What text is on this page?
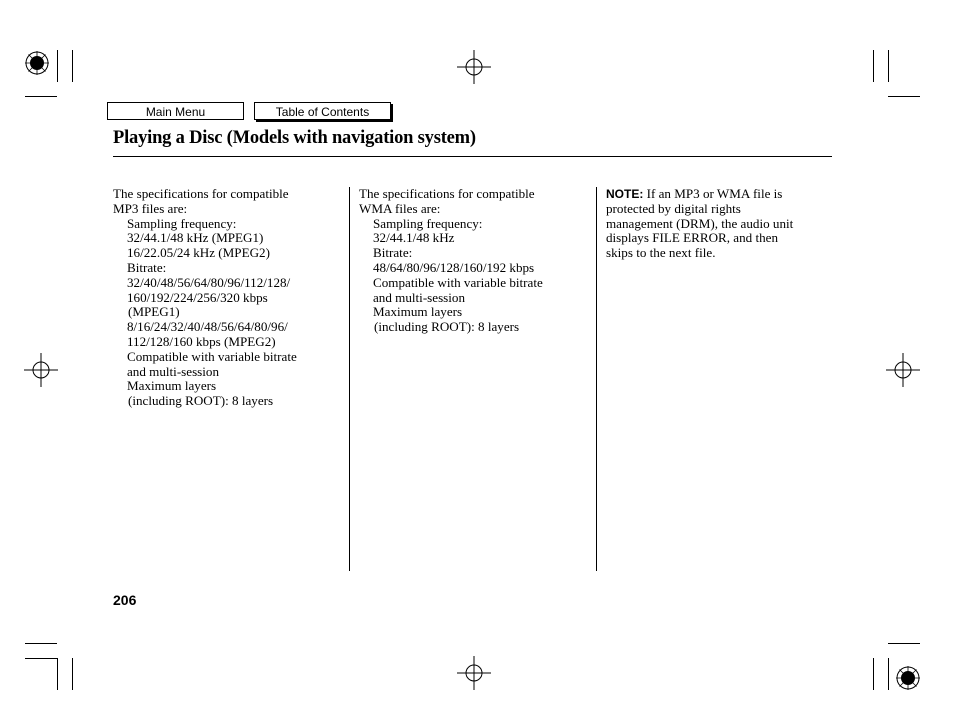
Main Menu	Table of Contents
Playing a Disc (Models with navigation system)
The specifications for compatible
MP3 files are:
Sampling frequency:
32/44.1/48 kHz (MPEG1)
16/22.05/24 kHz (MPEG2)
Bitrate:
32/40/48/56/64/80/96/112/128/
160/192/224/256/320 kbps
(MPEG1)
8/16/24/32/40/48/56/64/80/96/
112/128/160 kbps (MPEG2)
Compatible with variable bitrate
and multi-session
Maximum layers
(including ROOT): 8 layers
The specifications for compatible
WMA files are:
Sampling frequency:
32/44.1/48 kHz
Bitrate:
48/64/80/96/128/160/192 kbps
Compatible with variable bitrate
and multi-session
Maximum layers
(including ROOT): 8 layers
NOTE: If an MP3 or WMA file is
protected by digital rights
management (DRM), the audio unit
displays FILE ERROR, and then
skips to the next file.
206
